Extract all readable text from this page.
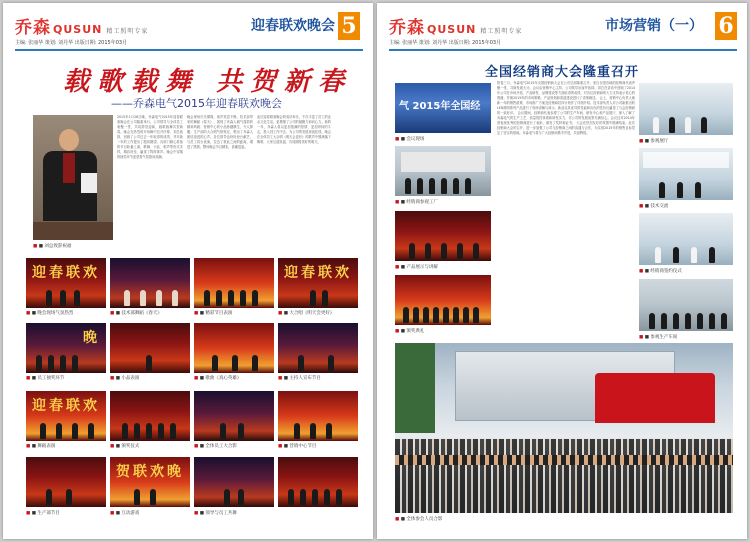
乔森 QUSUN 精工照明专家
主编: 张丽华 策划: 刘丹华 出版日期: 2015年03月
迎春联欢晚会 5
载歌载舞 共贺新春
——乔森电气2015年迎春联欢晚会
■ ■ 刘总致辞祝福
2015年1月26日晚，乔森电气2015年迎春联欢晚会在公司隆重举行。公司领导与全体员工欢聚一堂，共同辞旧迎新，载歌载舞共贺新春。晚会在热烈的开场舞中拉开序幕，刘总致辞，回顾了公司过去一年取得的成绩，并对新一年的工作提出了殷切期望。各部门精心准备的节目轮番上演，歌舞、小品、相声等形式多样，精彩纷呈，赢得了阵阵掌声。晚会中穿插的抽奖环节更是将气氛推向高潮。
晚会现场灯光璀璨，欢声笑语不断。技术部带来的舞蹈《春天》，展现了乔森人朝气蓬勃的精神风貌；营销中心的小品妙趣横生，令人捧腹；生产部的大合唱气势恢宏，唱出了乔森人团结奋进的心声。各位领导也纷纷登台献艺，与员工同台表演，拉近了彼此之间的距离，增进了感情。整场晚会节目精彩，高潮迭起。
此次迎春联欢晚会的成功举办，不仅丰富了员工的业余文化生活，更增强了公司的凝聚力和向心力。新的一年，乔森人将以更加饱满的热情、更加昂扬的斗志，投入到工作中去，为公司的发展再创佳绩。晚会在全体员工大合唱《明天会更好》的歌声中圆满落下帷幕，大家互道祝福，共同期待美好的明天。
迎春联欢	迎春联欢
■ ■ 晚会现场气氛热烈	■ ■ 技术部舞蹈《春天》	■ ■ 精彩节目表演	■ ■ 大合唱《明天会更好》
晚
■ ■ 员工抽奖环节	■ ■ 小品表演	■ ■ 歌曲《真心英雄》	■ ■ 主持人宣布节目
迎春联欢
■ ■ 舞蹈表演	■ ■ 颁奖仪式	■ ■ 全体员工大合影	■ ■ 营销中心节目
贺联欢晚
■ ■ 生产部节目	■ ■ 互动游戏	■ ■ 领导与员工共舞
乔森 QUSUN 精工照明专家
主编: 张丽华 策划: 刘丹华 出版日期: 2015年03月
市场营销（一） 6
全国经销商大会隆重召开
气 2015年全国经
■ ■ 会议现场
■ ■ 经销商参观工厂
■ ■ 产品展示与讲解
■ ■ 颁奖典礼
阳春三月，乔森电气2015年全国经销商大会在公司总部隆重召开，来自全国各地的经销商代表齐聚一堂，共商发展大计。会议由营销中心主持，公司领导出席并致辞。刘总在讲话中回顾了2014年公司在市场开拓、产品研发、品牌建设等方面取得的成绩，对各位经销商的大力支持表示衷心的感谢，并就2015年的市场策略、产品规划和渠道建设进行了详细阐述。 会上，营销中心负责人就新一年的销售政策、市场推广方案及经销商扶持计划作了详细介绍。技术部负责人对公司新推出的LED照明系列产品进行了现场讲解与演示，新品以其优异的性能和出色的性价比赢得了与会经销商的一致好评。 会议期间，经销商代表参观了公司的生产车间、研发中心和产品展厅，深入了解了乔森电气的生产工艺、质量管控体系和研发实力，对公司的发展前景充满信心。会议还对2014年度表现优秀的经销商进行了表彰，颁发了奖杯和证书。 大会在热烈友好的氛围中圆满结束。此次经销商大会的召开，进一步加强了公司与经销商之间的沟通与合作，为实现2015年的销售目标奠定了坚实的基础。乔森电气将与广大经销商携手并进，共创辉煌。
■ ■ 参观展厅
■ ■ 技术交流
■ ■ 经销商签约仪式
■ ■ 参观生产车间
■ ■ 全体参会人员合影
